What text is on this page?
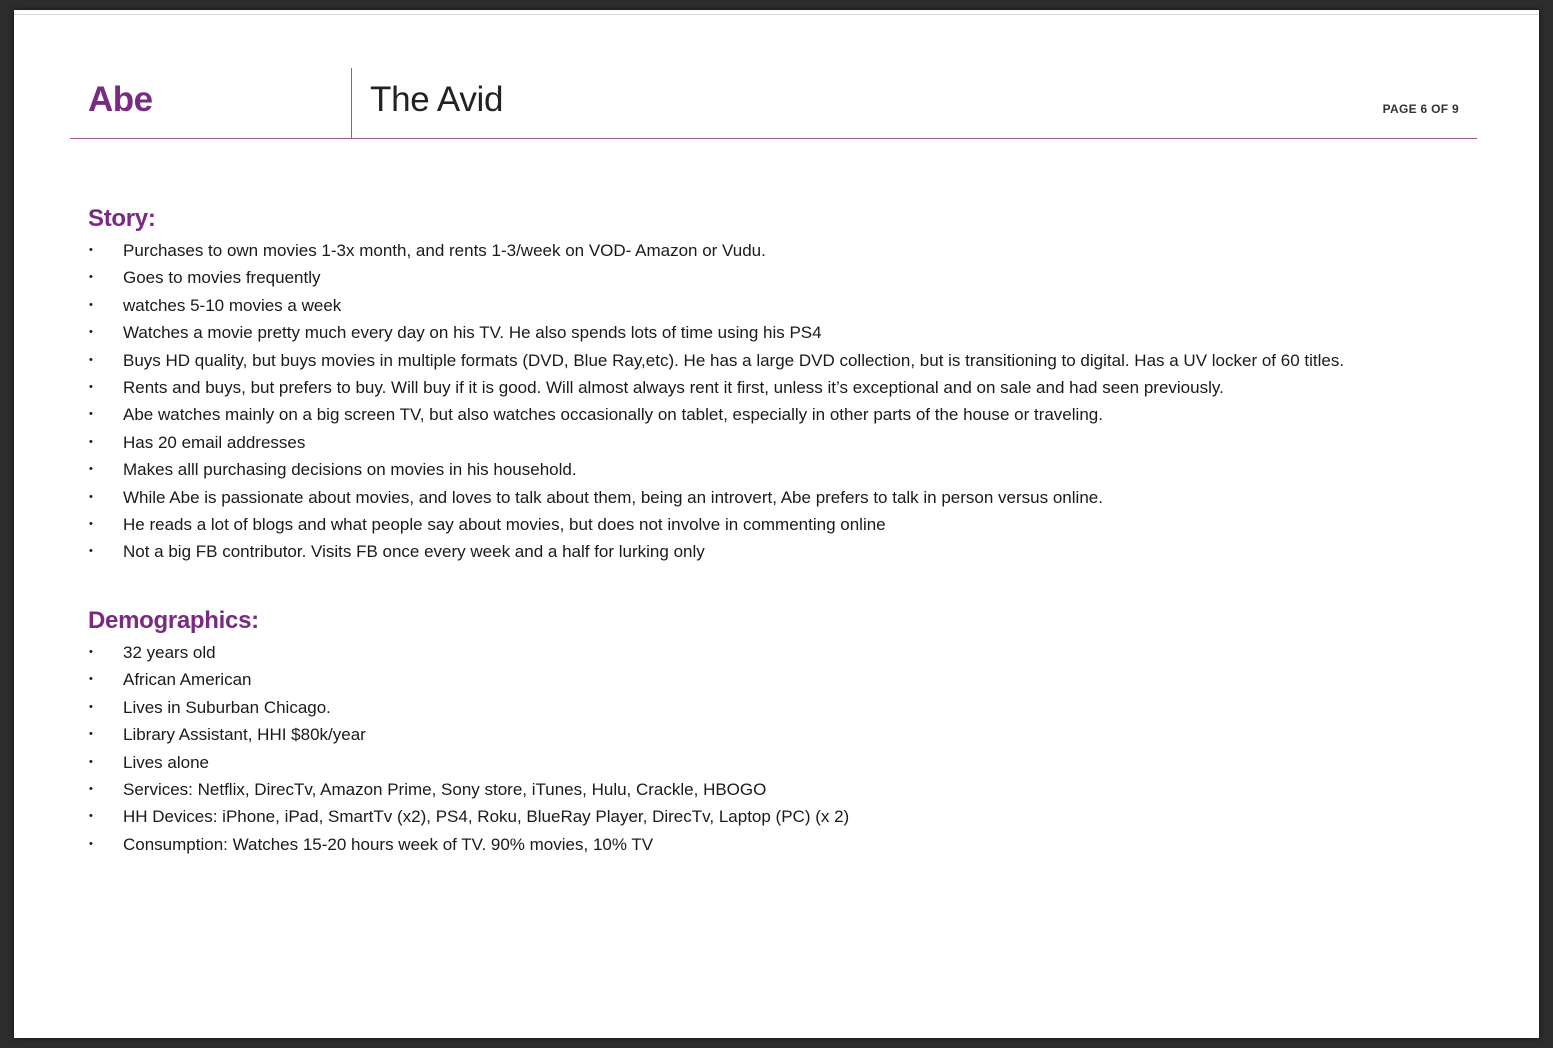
Abe	The Avid	PAGE 6 OF 9
Story:
• Purchases to own movies 1-3x month, and rents 1-3/week on VOD- Amazon or Vudu.
• Goes to movies frequently
• watches 5-10 movies a week
• Watches a movie pretty much every day on his TV. He also spends lots of time using his PS4
• Buys HD quality, but buys movies in multiple formats (DVD, Blue Ray,etc). He has a large DVD collection, but is transitioning to digital. Has a UV locker of 60 titles.
• Rents and buys, but prefers to buy. Will buy if it is good. Will almost always rent it first, unless it’s exceptional and on sale and had seen previously.
• Abe watches mainly on a big screen TV, but also watches occasionally on tablet, especially in other parts of the house or traveling.
• Has 20 email addresses
• Makes alll purchasing decisions on movies in his household.
• While Abe is passionate about movies, and loves to talk about them, being an introvert, Abe prefers to talk in person versus online.
• He reads a lot of blogs and what people say about movies, but does not involve in commenting online
• Not a big FB contributor. Visits FB once every week and a half for lurking only
Demographics:
• 32 years old
• African American
• Lives in Suburban Chicago.
• Library Assistant, HHI $80k/year
• Lives alone
• Services: Netflix, DirecTv, Amazon Prime, Sony store, iTunes, Hulu, Crackle, HBOGO
• HH Devices: iPhone, iPad, SmartTv (x2), PS4, Roku, BlueRay Player, DirecTv, Laptop (PC) (x 2)
• Consumption: Watches 15-20 hours week of TV. 90% movies, 10% TV
